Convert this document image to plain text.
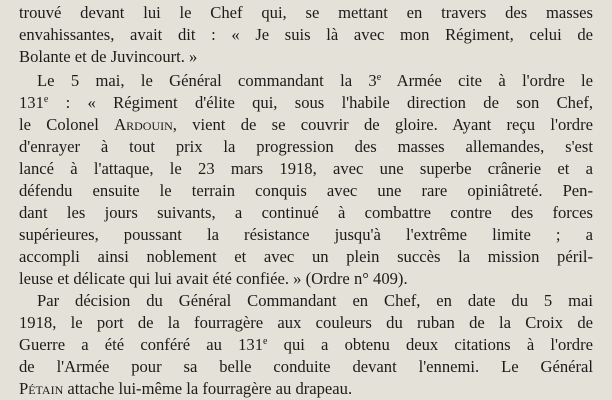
trouvé devant lui le Chef qui, se mettant en travers des masses
envahissantes, avait dit : « Je suis là avec mon Régiment, celui de
Bolante et de Juvincourt. »
Le 5 mai, le Général commandant la 3e Armée cite à l'ordre le
131e : « Régiment d'élite qui, sous l'habile direction de son Chef,
le Colonel Ardouin, vient de se couvrir de gloire. Ayant reçu l'ordre
d'enrayer à tout prix la progression des masses allemandes, s'est
lancé à l'attaque, le 23 mars 1918, avec une superbe crânerie et a
défendu ensuite le terrain conquis avec une rare opiniâtreté. Pen-
dant les jours suivants, a continué à combattre contre des forces
supérieures, poussant la résistance jusqu'à l'extrême limite ; a
accompli ainsi noblement et avec un plein succès la mission péril-
leuse et délicate qui lui avait été confiée. » (Ordre n° 409).
Par décision du Général Commandant en Chef, en date du 5 mai
1918, le port de la fourragère aux couleurs du ruban de la Croix de
Guerre a été conféré au 131e qui a obtenu deux citations à l'ordre
de l'Armée pour sa belle conduite devant l'ennemi. Le Général
Pétain attache lui-même la fourragère au drapeau.
